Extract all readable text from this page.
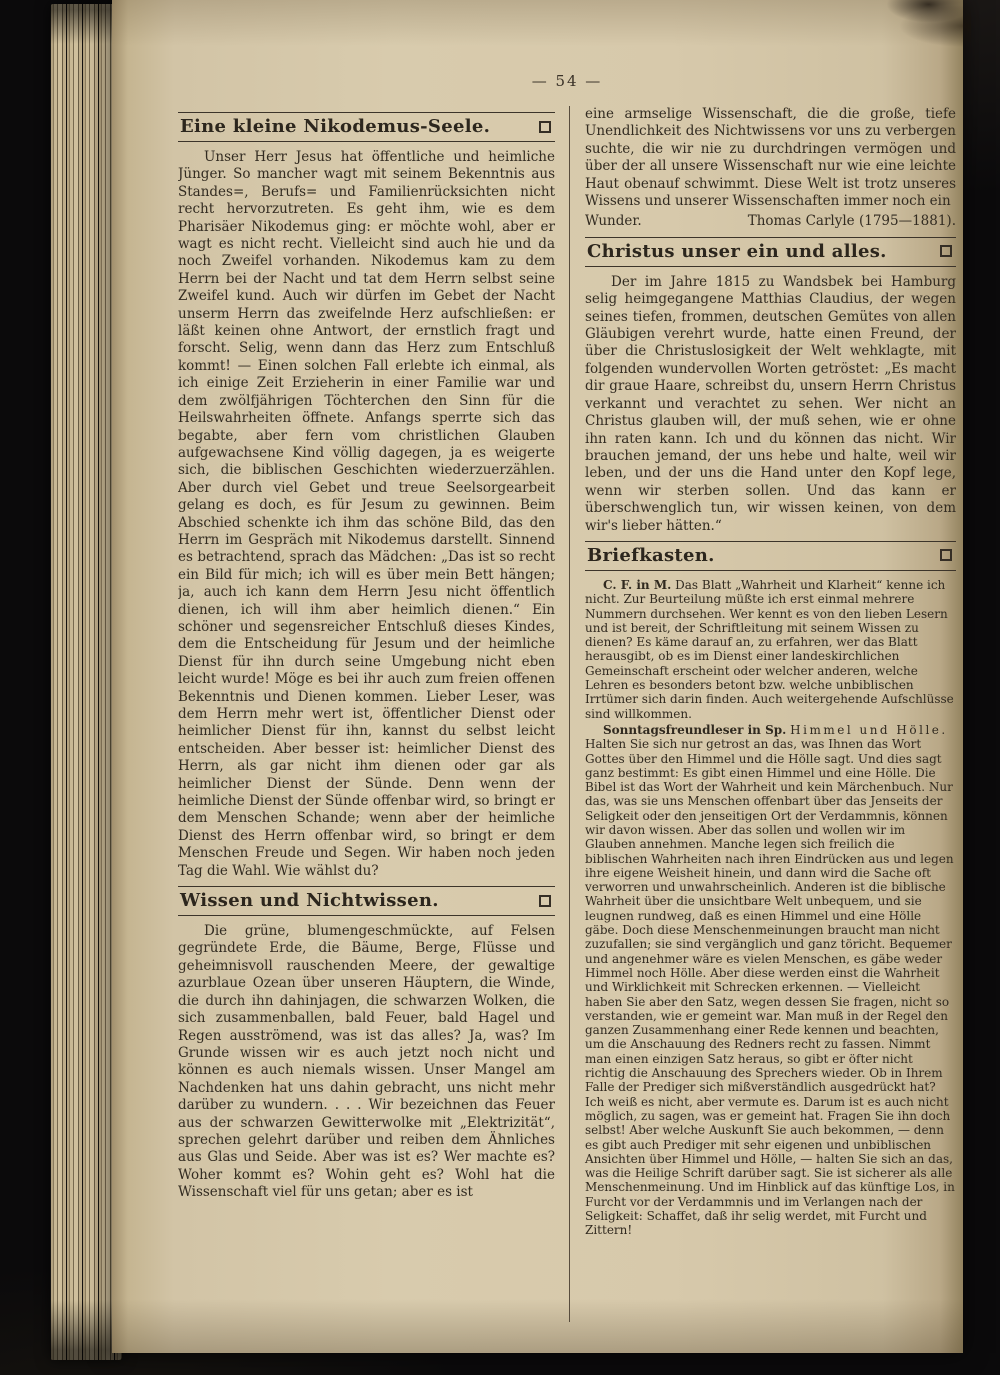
— 54 —
Eine kleine Nikodemus-Seele.

Unser Herr Jesus hat öffentliche und heimliche Jünger. So mancher wagt mit seinem Bekenntnis aus Standes=, Berufs= und Familienrücksichten nicht recht hervorzutreten. Es geht ihm, wie es dem Pharisäer Nikodemus ging: er möchte wohl, aber er wagt es nicht recht. Vielleicht sind auch hie und da noch Zweifel vorhanden. Nikodemus kam zu dem Herrn bei der Nacht und tat dem Herrn selbst seine Zweifel kund. Auch wir dürfen im Gebet der Nacht unserm Herrn das zweifelnde Herz aufschließen: er läßt keinen ohne Antwort, der ernstlich fragt und forscht. Selig, wenn dann das Herz zum Entschluß kommt! — Einen solchen Fall erlebte ich einmal, als ich einige Zeit Erzieherin in einer Familie war und dem zwölfjährigen Töchterchen den Sinn für die Heilswahrheiten öffnete. Anfangs sperrte sich das begabte, aber fern vom christlichen Glauben aufgewachsene Kind völlig dagegen, ja es weigerte sich, die biblischen Geschichten wiederzuerzählen. Aber durch viel Gebet und treue Seelsorgearbeit gelang es doch, es für Jesum zu gewinnen. Beim Abschied schenkte ich ihm das schöne Bild, das den Herrn im Gespräch mit Nikodemus darstellt. Sinnend es betrachtend, sprach das Mädchen: „Das ist so recht ein Bild für mich; ich will es über mein Bett hängen; ja, auch ich kann dem Herrn Jesu nicht öffentlich dienen, ich will ihm aber heimlich dienen.“ Ein schöner und segensreicher Entschluß dieses Kindes, dem die Entscheidung für Jesum und der heimliche Dienst für ihn durch seine Umgebung nicht eben leicht wurde! Möge es bei ihr auch zum freien offenen Bekenntnis und Dienen kommen. Lieber Leser, was dem Herrn mehr wert ist, öffentlicher Dienst oder heimlicher Dienst für ihn, kannst du selbst leicht entscheiden. Aber besser ist: heimlicher Dienst des Herrn, als gar nicht ihm dienen oder gar als heimlicher Dienst der Sünde. Denn wenn der heimliche Dienst der Sünde offenbar wird, so bringt er dem Menschen Schande; wenn aber der heimliche Dienst des Herrn offenbar wird, so bringt er dem Menschen Freude und Segen. Wir haben noch jeden Tag die Wahl. Wie wählst du?

Wissen und Nichtwissen.

Die grüne, blumengeschmückte, auf Felsen gegründete Erde, die Bäume, Berge, Flüsse und geheimnisvoll rauschenden Meere, der gewaltige azurblaue Ozean über unseren Häuptern, die Winde, die durch ihn dahinjagen, die schwarzen Wolken, die sich zusammenballen, bald Feuer, bald Hagel und Regen ausströmend, was ist das alles? Ja, was? Im Grunde wissen wir es auch jetzt noch nicht und können es auch niemals wissen. Unser Mangel am Nachdenken hat uns dahin gebracht, uns nicht mehr darüber zu wundern. . . . Wir bezeichnen das Feuer aus der schwarzen Gewitterwolke mit „Elektrizität“, sprechen gelehrt darüber und reiben dem Ähnliches aus Glas und Seide. Aber was ist es? Wer machte es? Woher kommt es? Wohin geht es? Wohl hat die Wissenschaft viel für uns getan; aber es ist

eine armselige Wissenschaft, die die große, tiefe Unendlichkeit des Nichtwissens vor uns zu verbergen suchte, die wir nie zu durchdringen vermögen und über der all unsere Wissenschaft nur wie eine leichte Haut obenauf schwimmt. Diese Welt ist trotz unseres Wissens und unserer Wissenschaften immer noch ein

Wunder.	Thomas Carlyle (1795—1881).
Christus unser ein und alles.

Der im Jahre 1815 zu Wandsbek bei Hamburg selig heimgegangene Matthias Claudius, der wegen seines tiefen, frommen, deutschen Gemütes von allen Gläubigen verehrt wurde, hatte einen Freund, der über die Christuslosigkeit der Welt wehklagte, mit folgenden wundervollen Worten getröstet: „Es macht dir graue Haare, schreibst du, unsern Herrn Christus verkannt und verachtet zu sehen. Wer nicht an Christus glauben will, der muß sehen, wie er ohne ihn raten kann. Ich und du können das nicht. Wir brauchen jemand, der uns hebe und halte, weil wir leben, und der uns die Hand unter den Kopf lege, wenn wir sterben sollen. Und das kann er überschwenglich tun, wir wissen keinen, von dem wir's lieber hätten.“

Briefkasten.

C. F. in M. Das Blatt „Wahrheit und Klarheit“ kenne ich nicht. Zur Beurteilung müßte ich erst einmal mehrere Nummern durchsehen. Wer kennt es von den lieben Lesern und ist bereit, der Schriftleitung mit seinem Wissen zu dienen? Es käme darauf an, zu erfahren, wer das Blatt herausgibt, ob es im Dienst einer landeskirchlichen Gemeinschaft erscheint oder welcher anderen, welche Lehren es besonders betont bzw. welche unbiblischen Irrtümer sich darin finden. Auch weitergehende Aufschlüsse sind willkommen.

Sonntagsfreundleser in Sp. Himmel und Hölle. Halten Sie sich nur getrost an das, was Ihnen das Wort Gottes über den Himmel und die Hölle sagt. Und dies sagt ganz bestimmt: Es gibt einen Himmel und eine Hölle. Die Bibel ist das Wort der Wahrheit und kein Märchenbuch. Nur das, was sie uns Menschen offenbart über das Jenseits der Seligkeit oder den jenseitigen Ort der Verdammnis, können wir davon wissen. Aber das sollen und wollen wir im Glauben annehmen. Manche legen sich freilich die biblischen Wahrheiten nach ihren Eindrücken aus und legen ihre eigene Weisheit hinein, und dann wird die Sache oft verworren und unwahrscheinlich. Anderen ist die biblische Wahrheit über die unsichtbare Welt unbequem, und sie leugnen rundweg, daß es einen Himmel und eine Hölle gäbe. Doch diese Menschenmeinungen braucht man nicht zuzufallen; sie sind vergänglich und ganz töricht. Bequemer und angenehmer wäre es vielen Menschen, es gäbe weder Himmel noch Hölle. Aber diese werden einst die Wahrheit und Wirklichkeit mit Schrecken erkennen. — Vielleicht haben Sie aber den Satz, wegen dessen Sie fragen, nicht so verstanden, wie er gemeint war. Man muß in der Regel den ganzen Zusammenhang einer Rede kennen und beachten, um die Anschauung des Redners recht zu fassen. Nimmt man einen einzigen Satz heraus, so gibt er öfter nicht richtig die Anschauung des Sprechers wieder. Ob in Ihrem Falle der Prediger sich mißverständlich ausgedrückt hat? Ich weiß es nicht, aber vermute es. Darum ist es auch nicht möglich, zu sagen, was er gemeint hat. Fragen Sie ihn doch selbst! Aber welche Auskunft Sie auch bekommen, — denn es gibt auch Prediger mit sehr eigenen und unbiblischen Ansichten über Himmel und Hölle, — halten Sie sich an das, was die Heilige Schrift darüber sagt. Sie ist sicherer als alle Menschenmeinung. Und im Hinblick auf das künftige Los, in Furcht vor der Verdammnis und im Verlangen nach der Seligkeit: Schaffet, daß ihr selig werdet, mit Furcht und Zittern!
